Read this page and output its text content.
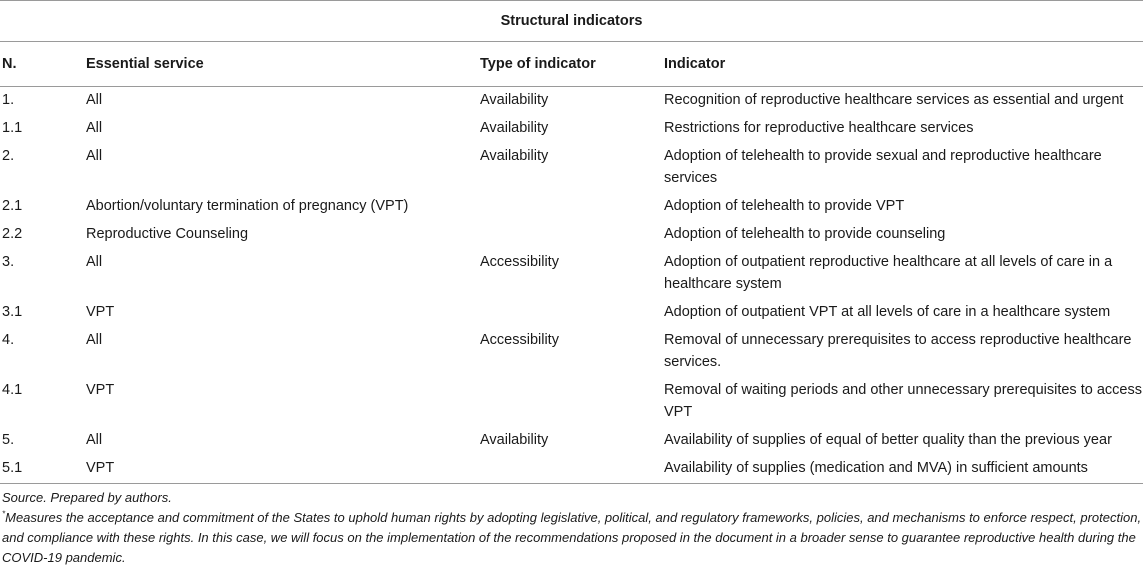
Structural indicators			
N.	Essential service	Type of indicator	Indicator
1.	All	Availability	Recognition of reproductive healthcare services as essential and urgent
1.1	All	Availability	Restrictions for reproductive healthcare services
2.	All	Availability	Adoption of telehealth to provide sexual and reproductive healthcare services
2.1	Abortion/voluntary termination of pregnancy (VPT)		Adoption of telehealth to provide VPT
2.2	Reproductive Counseling		Adoption of telehealth to provide counseling
3.	All	Accessibility	Adoption of outpatient reproductive healthcare at all levels of care in a healthcare system
3.1	VPT		Adoption of outpatient VPT at all levels of care in a healthcare system
4.	All	Accessibility	Removal of unnecessary prerequisites to access reproductive healthcare services.
4.1	VPT		Removal of waiting periods and other unnecessary prerequisites to access VPT
5.	All	Availability	Availability of supplies of equal of better quality than the previous year
5.1	VPT		Availability of supplies (medication and MVA) in sufficient amounts
Source. Prepared by authors.
*Measures the acceptance and commitment of the States to uphold human rights by adopting legislative, political, and regulatory frameworks, policies, and mechanisms to enforce respect, protection, and compliance with these rights. In this case, we will focus on the implementation of the recommendations proposed in the document in a broader sense to guarantee reproductive health during the COVID-19 pandemic.
